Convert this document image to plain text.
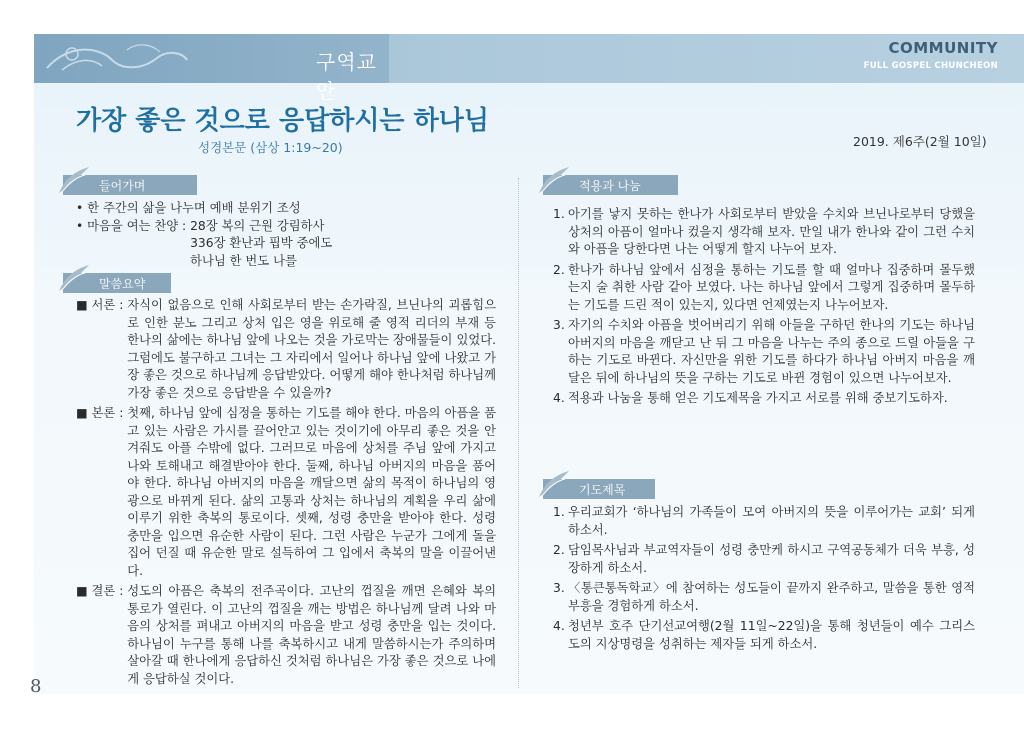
구역교안
COMMUNITY
FULL GOSPEL CHUNCHEON
가장 좋은 것으로 응답하시는 하나님
성경본문 (삼상 1:19~20)	2019. 제6주(2월 10일)
들어가며

• 한 주간의 삶을 나누며 예배 분위기 조성

• 마음을 여는 찬양 : 28장 복의 근원 강림하사
336장 환난과 핍박 중에도
하나님 한 번도 나를
말씀요약
■ 서론 : 자식이 없음으로 인해 사회로부터 받는 손가락질, 브닌나의 괴롭힘으로 인한 분노 그리고 상처 입은 영을 위로해 줄 영적 리더의 부재 등 한나의 삶에는 하나님 앞에 나오는 것을 가로막는 장애물들이 있었다. 그럼에도 불구하고 그녀는 그 자리에서 일어나 하나님 앞에 나왔고 가장 좋은 것으로 하나님께 응답받았다. 어떻게 해야 한나처럼 하나님께 가장 좋은 것으로 응답받을 수 있을까?
■ 본론 : 첫째, 하나님 앞에 심정을 통하는 기도를 해야 한다. 마음의 아픔을 품고 있는 사람은 가시를 끌어안고 있는 것이기에 아무리 좋은 것을 안겨줘도 아플 수밖에 없다. 그러므로 마음에 상처를 주님 앞에 가지고 나와 토해내고 해결받아야 한다. 둘째, 하나님 아버지의 마음을 품어야 한다. 하나님 아버지의 마음을 깨달으면 삶의 목적이 하나님의 영광으로 바뀌게 된다. 삶의 고통과 상처는 하나님의 계획을 우리 삶에 이루기 위한 축복의 통로이다. 셋째, 성령 충만을 받아야 한다. 성령 충만을 입으면 유순한 사람이 된다. 그런 사람은 누군가 그에게 돌을 집어 던질 때 유순한 말로 설득하여 그 입에서 축복의 말을 이끌어낸다.
■ 결론 : 성도의 아픔은 축복의 전주곡이다. 고난의 껍질을 깨면 은혜와 복의 통로가 열린다. 이 고난의 껍질을 깨는 방법은 하나님께 달려 나와 마음의 상처를 펴내고 아버지의 마음을 받고 성령 충만을 입는 것이다. 하나님이 누구를 통해 나를 축복하시고 내게 말씀하시는가 주의하며 살아갈 때 한나에게 응답하신 것처럼 하나님은 가장 좋은 것으로 나에게 응답하실 것이다.
적용과 나눔
1. 아기를 낳지 못하는 한나가 사회로부터 받았을 수치와 브닌나로부터 당했을 상처의 아픔이 얼마나 컸을지 생각해 보자. 만일 내가 한나와 같이 그런 수치와 아픔을 당한다면 나는 어떻게 할지 나누어 보자.
2. 한나가 하나님 앞에서 심정을 통하는 기도를 할 때 얼마나 집중하며 몰두했는지 술 취한 사람 같아 보였다. 나는 하나님 앞에서 그렇게 집중하며 몰두하는 기도를 드린 적이 있는지, 있다면 언제였는지 나누어보자.
3. 자기의 수치와 아픔을 벗어버리기 위해 아들을 구하던 한나의 기도는 하나님 아버지의 마음을 깨닫고 난 뒤 그 마음을 나누는 주의 종으로 드릴 아들을 구하는 기도로 바뀐다. 자신만을 위한 기도를 하다가 하나님 아버지 마음을 깨달은 뒤에 하나님의 뜻을 구하는 기도로 바뀐 경험이 있으면 나누어보자.
4. 적용과 나눔을 통해 얻은 기도제목을 가지고 서로를 위해 중보기도하자.
기도제목
1. 우리교회가 ‘하나님의 가족들이 모여 아버지의 뜻을 이루어가는 교회’ 되게 하소서.
2. 담임목사님과 부교역자들이 성령 충만케 하시고 구역공동체가 더욱 부흥, 성장하게 하소서.
3. 〈통큰통독학교〉에 참여하는 성도들이 끝까지 완주하고, 말씀을 통한 영적부흥을 경험하게 하소서.
4. 청년부 호주 단기선교여행(2월 11일~22일)을 통해 청년들이 예수 그리스도의 지상명령을 성취하는 제자들 되게 하소서.
8
